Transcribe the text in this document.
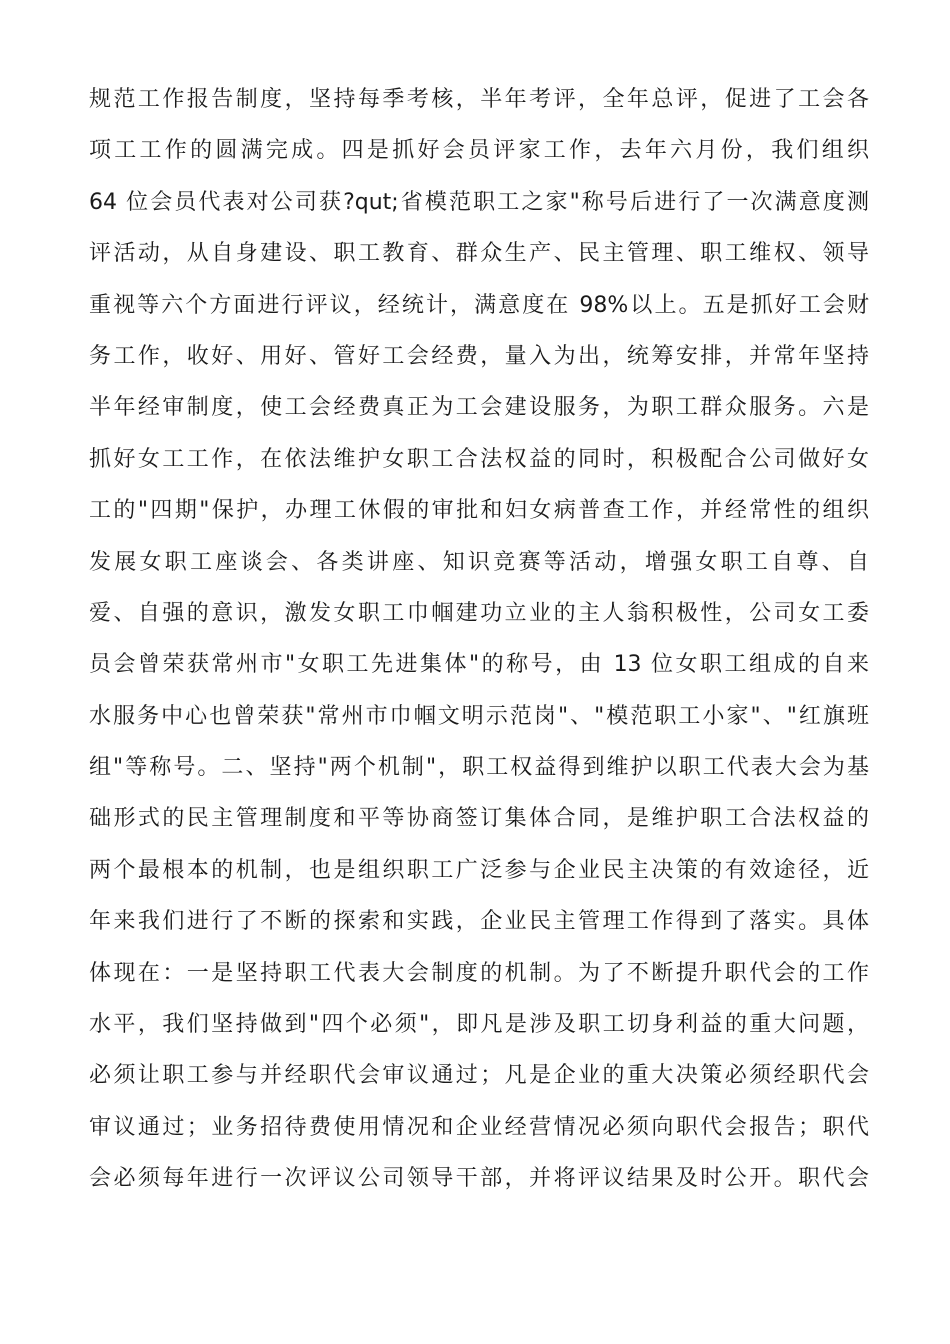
规范工作报告制度，坚持每季考核，半年考评，全年总评，促进了工会各
项工工作的圆满完成。四是抓好会员评家工作，去年六月份，我们组织
64 位会员代表对公司获?qut;省模范职工之家"称号后进行了一次满意度测
评活动，从自身建设、职工教育、群众生产、民主管理、职工维权、领导
重视等六个方面进行评议，经统计，满意度在 98%以上。五是抓好工会财
务工作，收好、用好、管好工会经费，量入为出，统筹安排，并常年坚持
半年经审制度，使工会经费真正为工会建设服务，为职工群众服务。六是
抓好女工工作，在依法维护女职工合法权益的同时，积极配合公司做好女
工的"四期"保护，办理工休假的审批和妇女病普查工作，并经常性的组织
发展女职工座谈会、各类讲座、知识竞赛等活动，增强女职工自尊、自
爱、自强的意识，激发女职工巾帼建功立业的主人翁积极性，公司女工委
员会曾荣获常州市"女职工先进集体"的称号，由 13 位女职工组成的自来
水服务中心也曾荣获"常州市巾帼文明示范岗"、"模范职工小家"、"红旗班
组"等称号。二、坚持"两个机制"，职工权益得到维护以职工代表大会为基
础形式的民主管理制度和平等协商签订集体合同，是维护职工合法权益的
两个最根本的机制，也是组织职工广泛参与企业民主决策的有效途径，近
年来我们进行了不断的探索和实践，企业民主管理工作得到了落实。具体
体现在：一是坚持职工代表大会制度的机制。为了不断提升职代会的工作
水平，我们坚持做到"四个必须"，即凡是涉及职工切身利益的重大问题，
必须让职工参与并经职代会审议通过；凡是企业的重大决策必须经职代会
审议通过；业务招待费使用情况和企业经营情况必须向职代会报告；职代
会必须每年进行一次评议公司领导干部，并将评议结果及时公开。职代会
